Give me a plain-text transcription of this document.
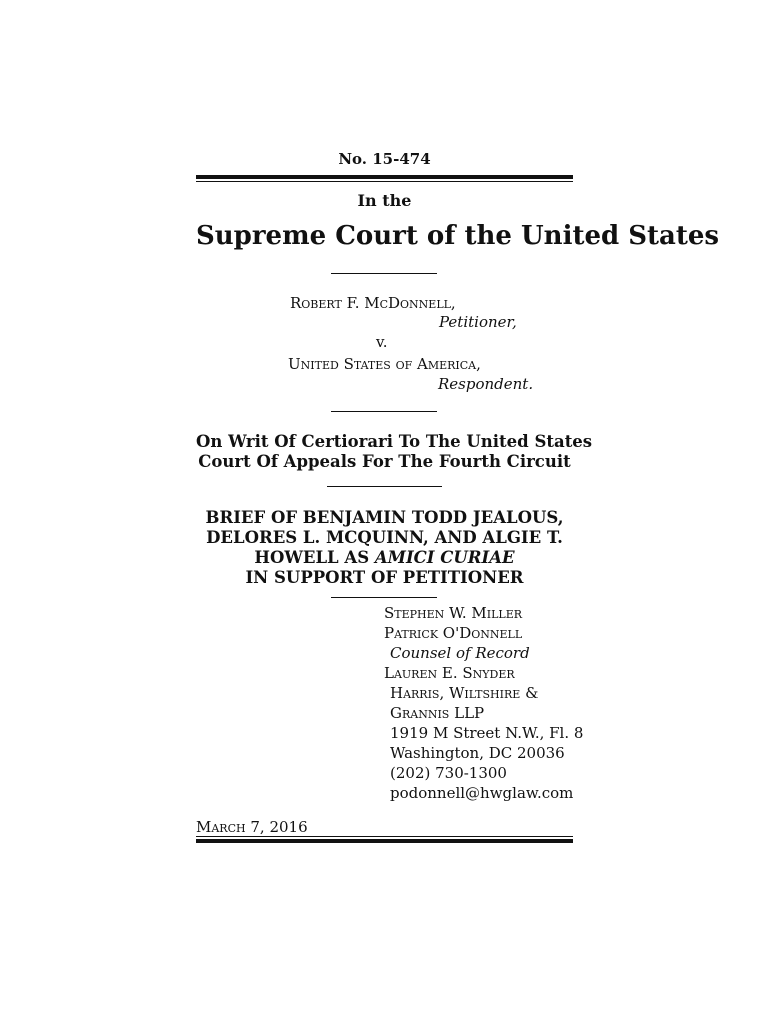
No. 15-474
In the
Supreme Court of the United States
Robert F. McDonnell,
Petitioner,
v.
United States of America,
Respondent.
On Writ Of Certiorari To The United States
Court Of Appeals For The Fourth Circuit
BRIEF OF BENJAMIN TODD JEALOUS,
DELORES L. MCQUINN, AND ALGIE T.
HOWELL AS AMICI CURIAE
IN SUPPORT OF PETITIONER
Stephen W. Miller
Patrick O'Donnell
Counsel of Record
Lauren E. Snyder
Harris, Wiltshire &
Grannis LLP
1919 M Street N.W., Fl. 8
Washington, DC 20036
(202) 730-1300
podonnell@hwglaw.com
March 7, 2016
